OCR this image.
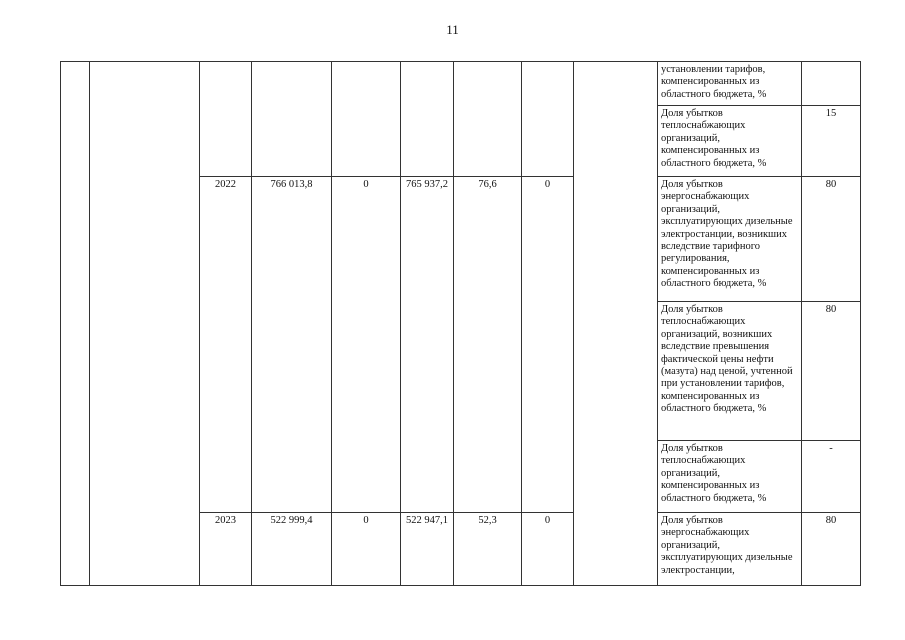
11
									установлении тарифов, компенсированных из областного бюджета, %	
									Доля убытков теплоснабжающих организаций, компенсированных из областного бюджета, %	15
		2022	766 013,8	0	765 937,2	76,6	0		Доля убытков энергоснабжающих организаций, эксплуатирующих дизельные электростанции, возникших вследствие тарифного регулирования, компенсированных из областного бюджета, %	80
									Доля убытков теплоснабжающих организаций, возникших вследствие превышения фактической цены нефти (мазута) над ценой, учтенной при установлении тарифов, компенсированных из областного бюджета, %	80
									Доля убытков теплоснабжающих организаций, компенсированных из областного бюджета, %	-
		2023	522 999,4	0	522 947,1	52,3	0		Доля убытков энергоснабжающих организаций, эксплуатирующих дизельные электростанции,	80
